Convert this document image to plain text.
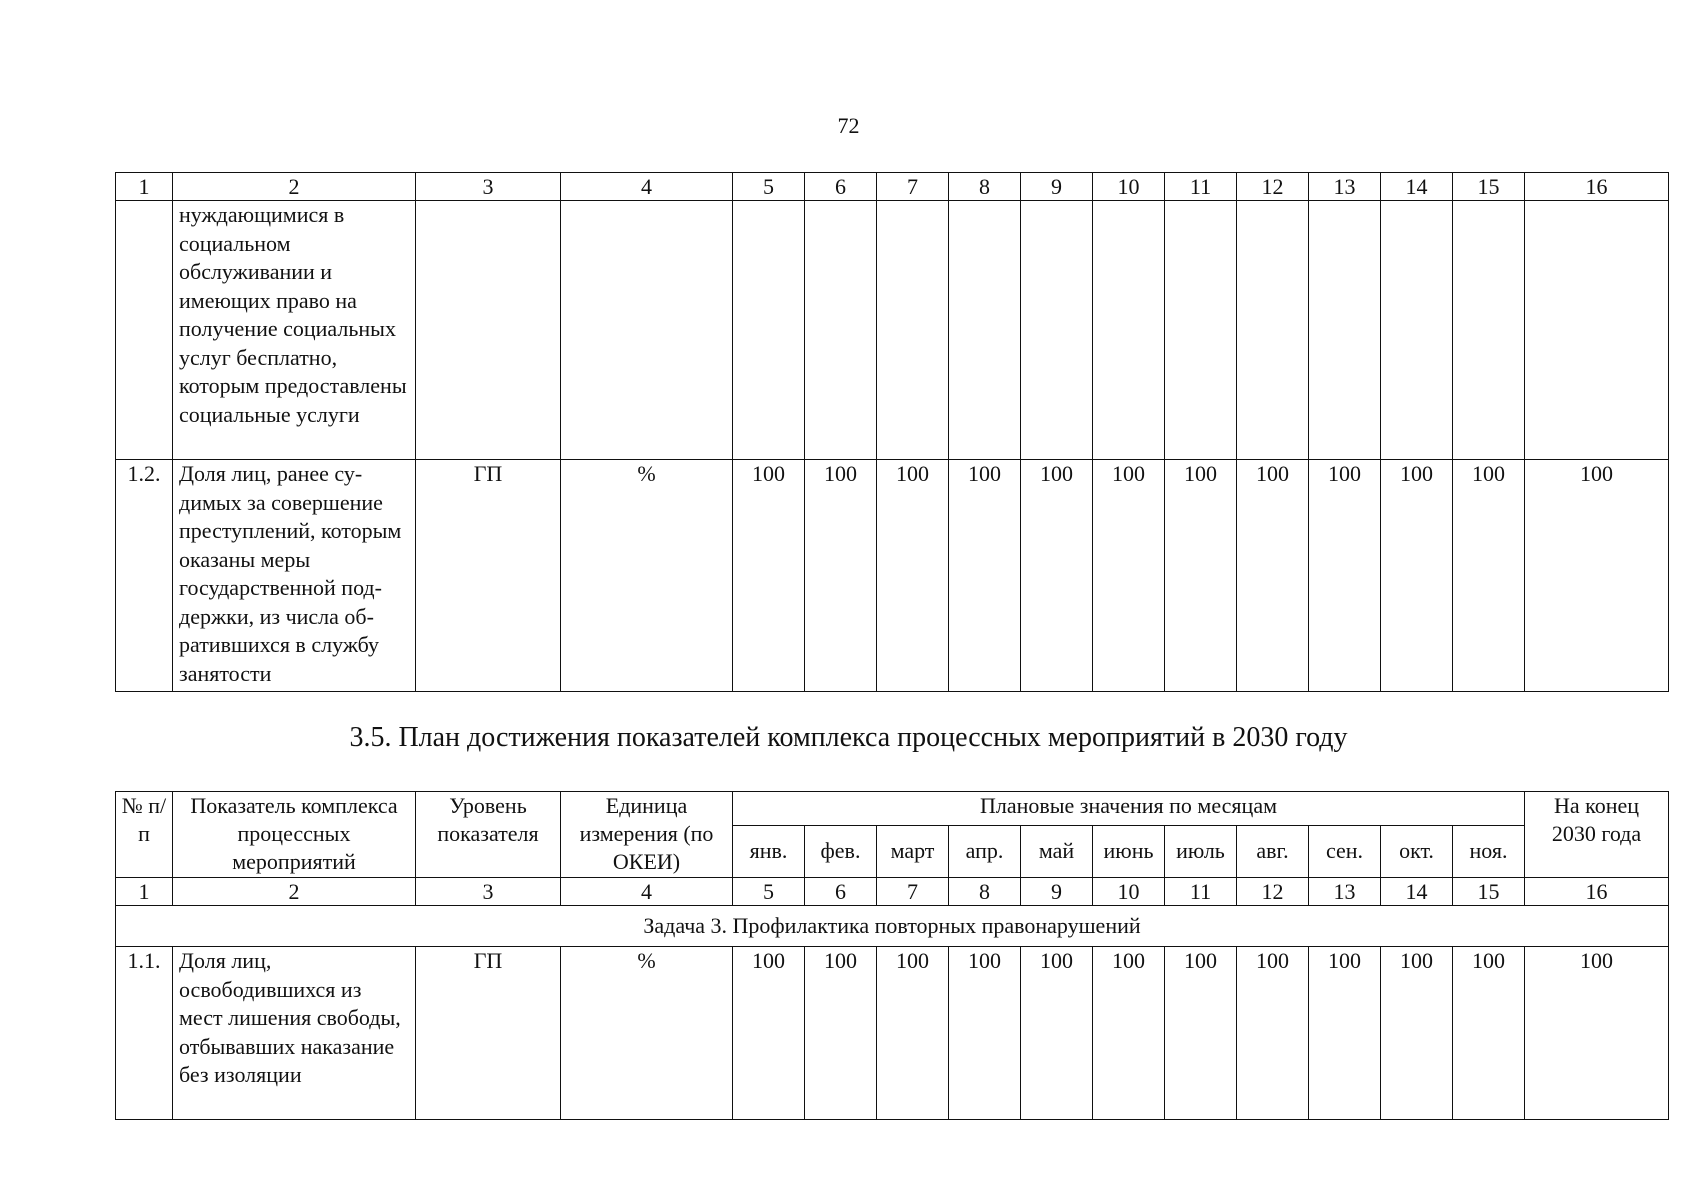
72
1	2	3	4	5	6	7	8	9	10	11	12	13	14	15	16
	нуждающимися в социальном обслуживании и имеющих право на получение социальных услуг бесплатно, которым предоставлены социальные услуги														
1.2.	Доля лиц, ранее судимых за совершение преступлений, которым оказаны меры государственной поддержки, из числа обратившихся в службу занятости	ГП	%	100	100	100	100	100	100	100	100	100	100	100	100
3.5. План достижения показателей комплекса процессных мероприятий в 2030 году
№ п/п	Показатель комплекса процессных мероприятий	Уровень показателя	Единица измерения (по ОКЕИ)	Плановые значения по месяцам											На конец 2030 года
				янв.	фев.	март	апр.	май	июнь	июль	авг.	сен.	окт.	ноя.	
1	2	3	4	5	6	7	8	9	10	11	12	13	14	15	16
Задача 3. Профилактика повторных правонарушений															
1.1.	Доля лиц, освободившихся из мест лишения свободы, отбывавших наказание без изоляции	ГП	%	100	100	100	100	100	100	100	100	100	100	100	100
